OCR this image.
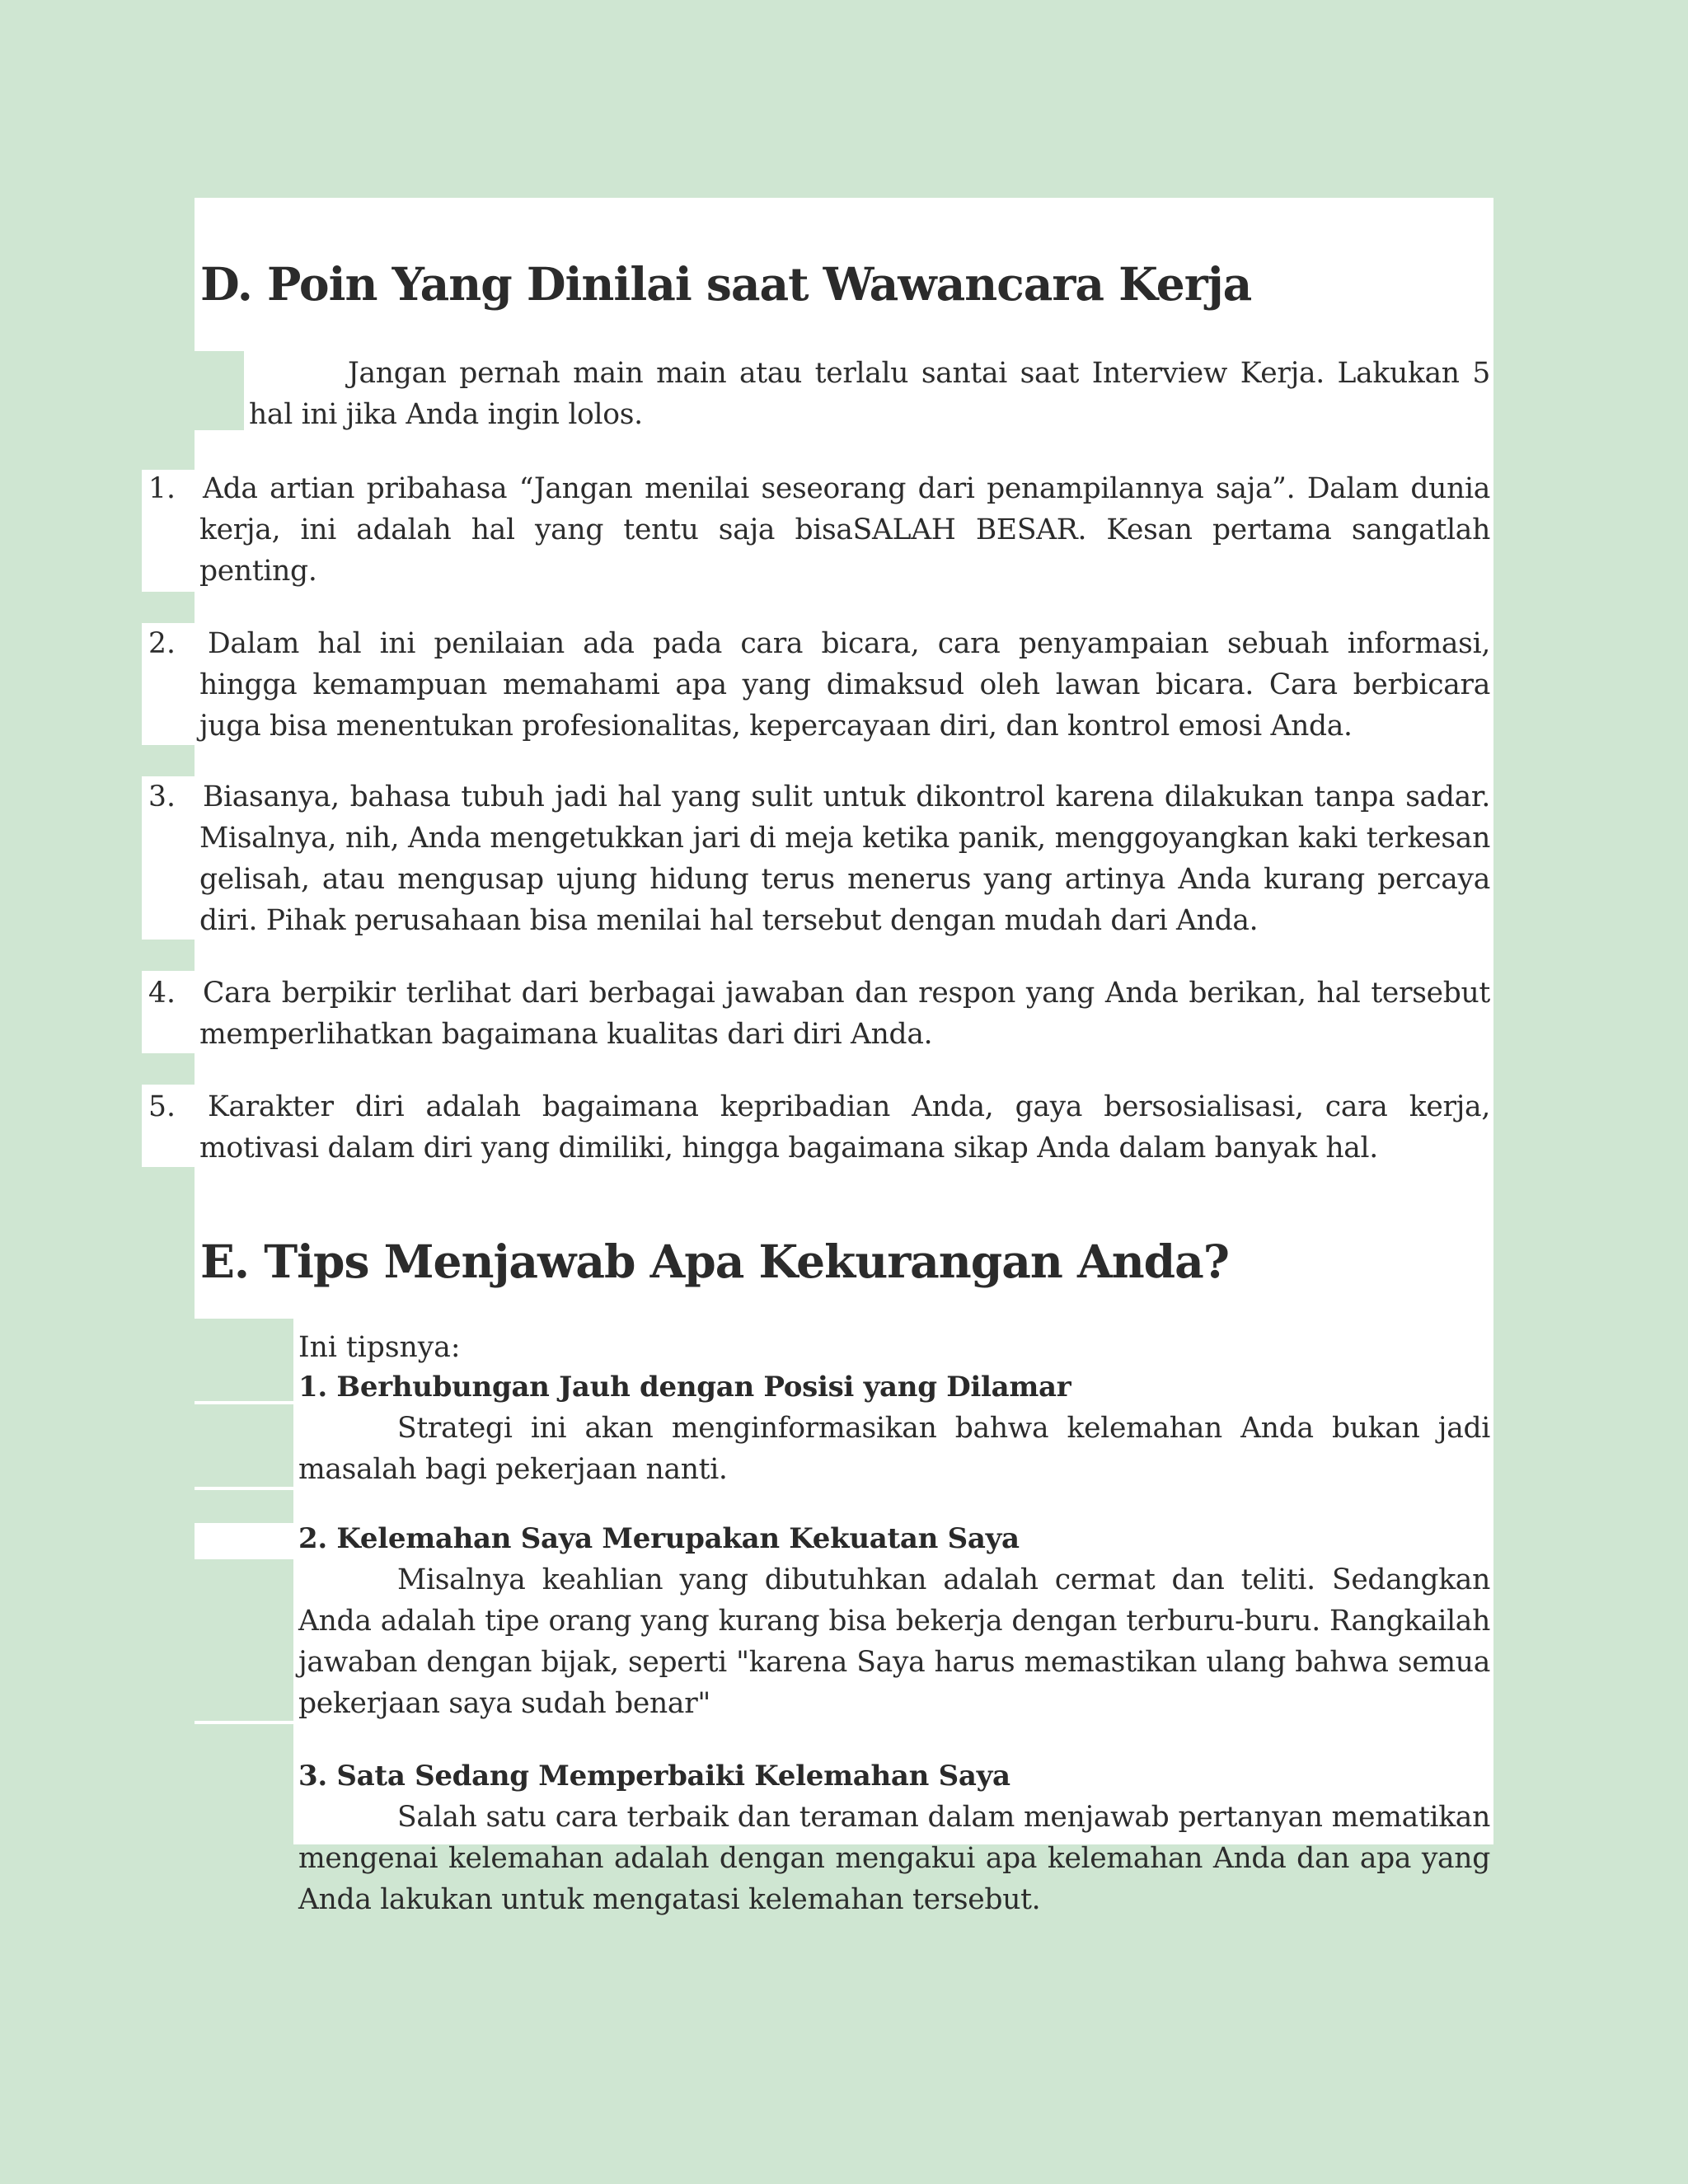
D. Poin Yang Dinilai saat Wawancara Kerja

Jangan pernah main main atau terlalu santai saat Interview Kerja. Lakukan 5 hal ini jika Anda ingin lolos.

1. Ada artian pribahasa “Jangan menilai seseorang dari penampilannya saja”. Dalam dunia kerja, ini adalah hal yang tentu saja bisaSALAH BESAR. Kesan pertama sangatlah penting.

2. Dalam hal ini penilaian ada pada cara bicara, cara penyampaian sebuah informasi, hingga kemampuan memahami apa yang dimaksud oleh lawan bicara. Cara berbicara juga bisa menentukan profesionalitas, kepercayaan diri, dan kontrol emosi Anda.

3. Biasanya, bahasa tubuh jadi hal yang sulit untuk dikontrol karena dilakukan tanpa sadar. Misalnya, nih, Anda mengetukkan jari di meja ketika panik, menggoyangkan kaki terkesan gelisah, atau mengusap ujung hidung terus menerus yang artinya Anda kurang percaya diri. Pihak perusahaan bisa menilai hal tersebut dengan mudah dari Anda.

4. Cara berpikir terlihat dari berbagai jawaban dan respon yang Anda berikan, hal tersebut memperlihatkan bagaimana kualitas dari diri Anda.

5. Karakter diri adalah bagaimana kepribadian Anda, gaya bersosialisasi, cara kerja, motivasi dalam diri yang dimiliki, hingga bagaimana sikap Anda dalam banyak hal.

E. Tips Menjawab Apa Kekurangan Anda?

Ini tipsnya:

1. Berhubungan Jauh dengan Posisi yang Dilamar

Strategi ini akan menginformasikan bahwa kelemahan Anda bukan jadi masalah bagi pekerjaan nanti.

2. Kelemahan Saya Merupakan Kekuatan Saya

Misalnya keahlian yang dibutuhkan adalah cermat dan teliti. Sedangkan Anda adalah tipe orang yang kurang bisa bekerja dengan terburu-buru. Rangkailah jawaban dengan bijak, seperti "karena Saya harus memastikan ulang bahwa semua pekerjaan saya sudah benar"

3. Sata Sedang Memperbaiki Kelemahan Saya

Salah satu cara terbaik dan teraman dalam menjawab pertanyan mematikan mengenai kelemahan adalah dengan mengakui apa kelemahan Anda dan apa yang Anda lakukan untuk mengatasi kelemahan tersebut.
